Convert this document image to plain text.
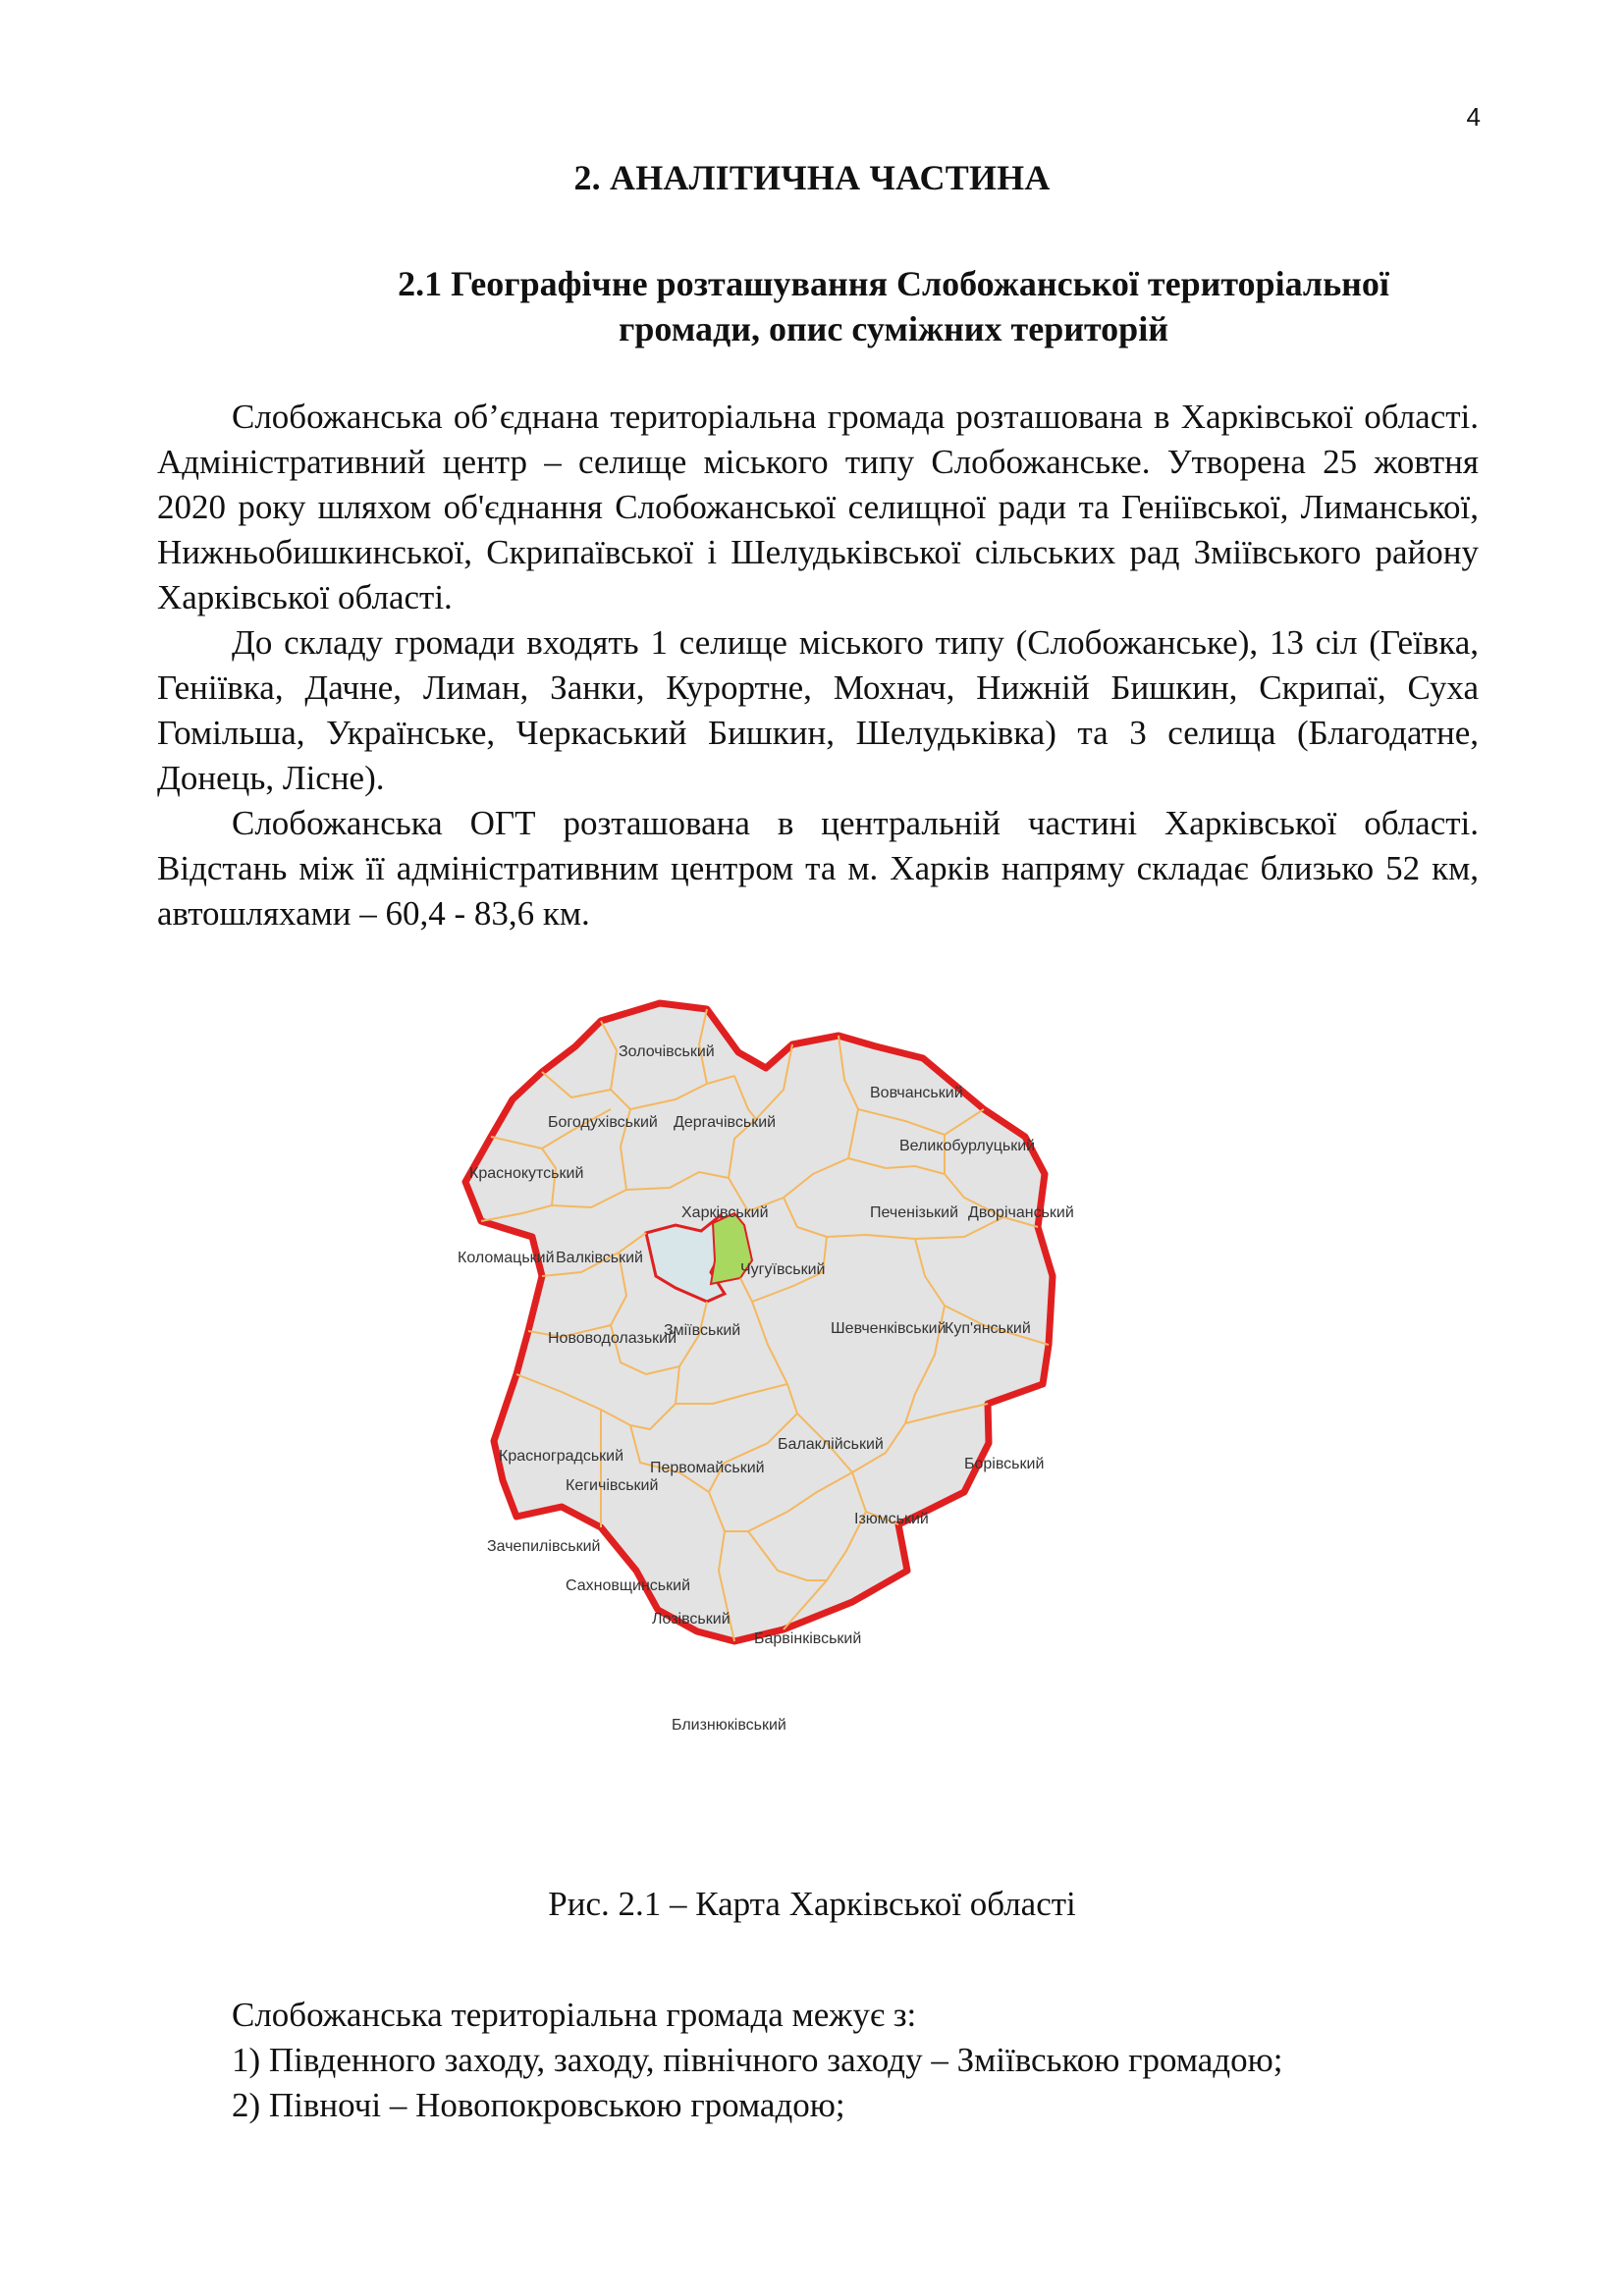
4
2. АНАЛІТИЧНА ЧАСТИНА
2.1 Географічне розташування Слобожанської територіальної
громади, опис суміжних територій

Слобожанська об’єднана територіальна громада розташована в Харківської області. Адміністративний центр – селище міського типу Слобожанське. Утворена 25 жовтня 2020 року шляхом об'єднання Слобожанської селищної ради та Геніївської, Лиманської, Нижньобишкинської, Скрипаївської і Шелудьківської сільських рад Зміївського району Харківської області.

До складу громади входять 1 селище міського типу (Слобожанське), 13 сіл (Геївка, Геніївка, Дачне, Лиман, Занки, Курортне, Мохнач, Нижній Бишкин, Скрипаї, Суха Гомільша, Українське, Черкаський Бишкин, Шелудьківка) та 3 селища (Благодатне, Донець, Лісне).

Слобожанська ОГТ розташована в центральній частині Харківської області. Відстань між її адміністративним центром та м. Харків напряму складає близько 52 км, автошляхами – 60,4 - 83,6 км.

Золочівський
Вовчанський
Богодухівський Дергачівський
Великобурлуцький
Краснокутський
Харківський	Печенізький Дворічанський
Коломацький Валківський
Чугуївський
Зміївський
Нововодолазький
Шевченківський
Куп'янський
Балаклійський
Красноградський
Первомайський	Борівський
Кегичівський
Ізюмський
Зачепилівський
Сахновщинський
Лозівський
Барвінківський
Близнюківський
Рис. 2.1 – Карта Харківської області
Слобожанська територіальна громада межує з:
1) Південного заходу, заходу, північного заходу – Зміївською громадою;
2) Півночі – Новопокровською громадою;
